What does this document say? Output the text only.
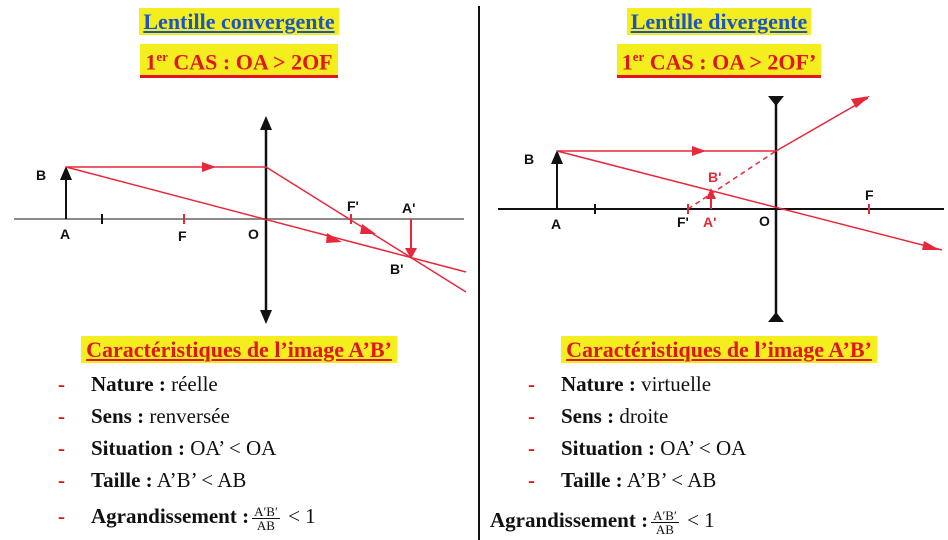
Lentille convergente
1er CAS : OA > 2OF
B
A	F	O
F'	A'
B'
Caractéristiques de l’image A’B’
- Nature : réelle
- Sens : renversée
- Situation : OA’ < OA
- Taille : A’B’ < AB
- Agrandissement : $\frac{A'B'}{AB} < 1$
Lentille divergente
1er CAS : OA > 2OF’
B
A	F' A'
B'
O
F
Caractéristiques de l’image A’B’
- Nature : virtuelle
- Sens : droite
- Situation : OA’ < OA
- Taille : A’B’ < AB
Agrandissement : $\frac{A'B'}{AB} < 1$
